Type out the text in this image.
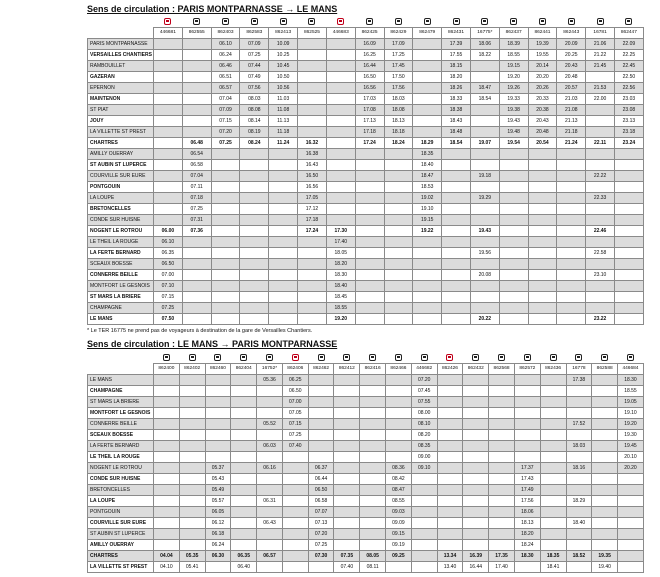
Sens de circulation : PARIS MONTPARNASSE → LE MANS

	446681	862555	862403	862583	862413	862525	446683	862425	862429	862479	862431	16775*	862437	862441	862443	16781	862447
PARIS MONTPARNASSE			06.10	07.09	10.09			16.09	17.09		17.39	18.06	18.39	19.39	20.09	21.06	22.09
VERSAILLES CHANTIERS			06.24	07.25	10.25			16.25	17.25		17.55	18.22	18.55	19.55	20.25	21.22	22.25
RAMBOUILLET			06.46	07.44	10.45			16.44	17.45		18.15		19.15	20.14	20.43	21.45	22.45
GAZERAN			06.51	07.49	10.50			16.50	17.50		18.20		19.20	20.20	20.48		22.50
EPERNON			06.57	07.56	10.56			16.56	17.56		18.26	18.47	19.26	20.26	20.57	21.53	22.56
MAINTENON			07.04	08.03	11.03			17.03	18.03		18.33	18.54	19.33	20.33	21.03	22.00	23.03
ST PIAT			07.09	08.08	11.08			17.08	18.08		18.38		19.38	20.38	21.08		23.08
JOUY			07.15	08.14	11.13			17.13	18.13		18.43		19.43	20.43	21.13		23.13
LA VILLETTE ST PREST			07.20	08.19	11.18			17.18	18.18		18.48		19.48	20.48	21.18		23.18
CHARTRES		06.48	07.25	08.24	11.24	16.32		17.24	18.24	18.29	18.54	19.07	19.54	20.54	21.24	22.11	23.24
AMILLY OUERRAY		06.54				16.38				18.35							
ST AUBIN ST LUPERCE		06.58				16.43				18.40							
COURVILLE SUR EURE		07.04				16.50				18.47		19.18				22.22	
PONTGOUIN		07.11				16.56				18.53							
LA LOUPE		07.18				17.05				19.02		19.29				22.33	
BRETONCELLES		07.25				17.12				19.10							
CONDE SUR HUISNE		07.31				17.18				19.15							
NOGENT LE ROTROU	06.00	07.36				17.24	17.30			19.22		19.43				22.46	
LE THEIL LA ROUGE	06.10						17.40										
LA FERTE BERNARD	06.35						18.05					19.56				22.58	
SCEAUX BOESSE	06.50						18.20										
CONNERRE BEILLE	07.00						18.30					20.08				23.10	
MONTFORT LE GESNOIS	07.10						18.40										
ST MARS LA BRIERE	07.15						18.45										
CHAMPAGNE	07.25						18.55										
LE MANS	07.50						19.20					20.22				23.22	
* Le TER 16775 ne prend pas de voyageurs à destination de la gare de Versailles Chantiers.
Sens de circulation : LE MANS → PARIS MONTPARNASSE

	862400	862402	862460	862404	16752*	862406	862462	862412	862416	862466	446682	862426	862432	862568	862572	862436	16778	862588	446684
LE MANS					05.36	06.25					07.20						17.38		18.30
CHAMPAGNE						06.50					07.45								18.55
ST MARS LA BRIERE						07.00					07.55								19.05
MONTFORT LE GESNOIS						07.05					08.00								19.10
CONNERRE BEILLE					05.52	07.15					08.10						17.52		19.20
SCEAUX BOESSE						07.25					08.20								19.30
LA FERTE BERNARD					06.03	07.40					08.35						18.03		19.45
LE THEIL LA ROUGE											09.00								20.10
NOGENT LE ROTROU			05.37		06.16		06.37			08.36	09.10				17.37		18.16		20.20
CONDE SUR HUISNE			05.43				06.44			08.42					17.43				
BRETONCELLES			05.49				06.50			08.47					17.49				
LA LOUPE			05.57		06.31		06.58			08.55					17.56		18.29		
PONTGOUIN			06.05				07.07			09.03					18.06				
COURVILLE SUR EURE			06.12		06.43		07.13			09.09					18.13		18.40		
ST AUBIN ST LUPERCE			06.18				07.20			09.15					18.20				
AMILLY OUERRAY			06.24				07.25			09.19					18.24				
CHARTRES	04.04	05.35	06.30	06.35	06.57		07.30	07.35	08.05	09.25		13.34	16.39	17.35	18.30	18.35	18.52	19.35	
LA VILLETTE ST PREST	04.10	05.41		06.40				07.40	08.11			13.40	16.44	17.40		18.41		19.40	
